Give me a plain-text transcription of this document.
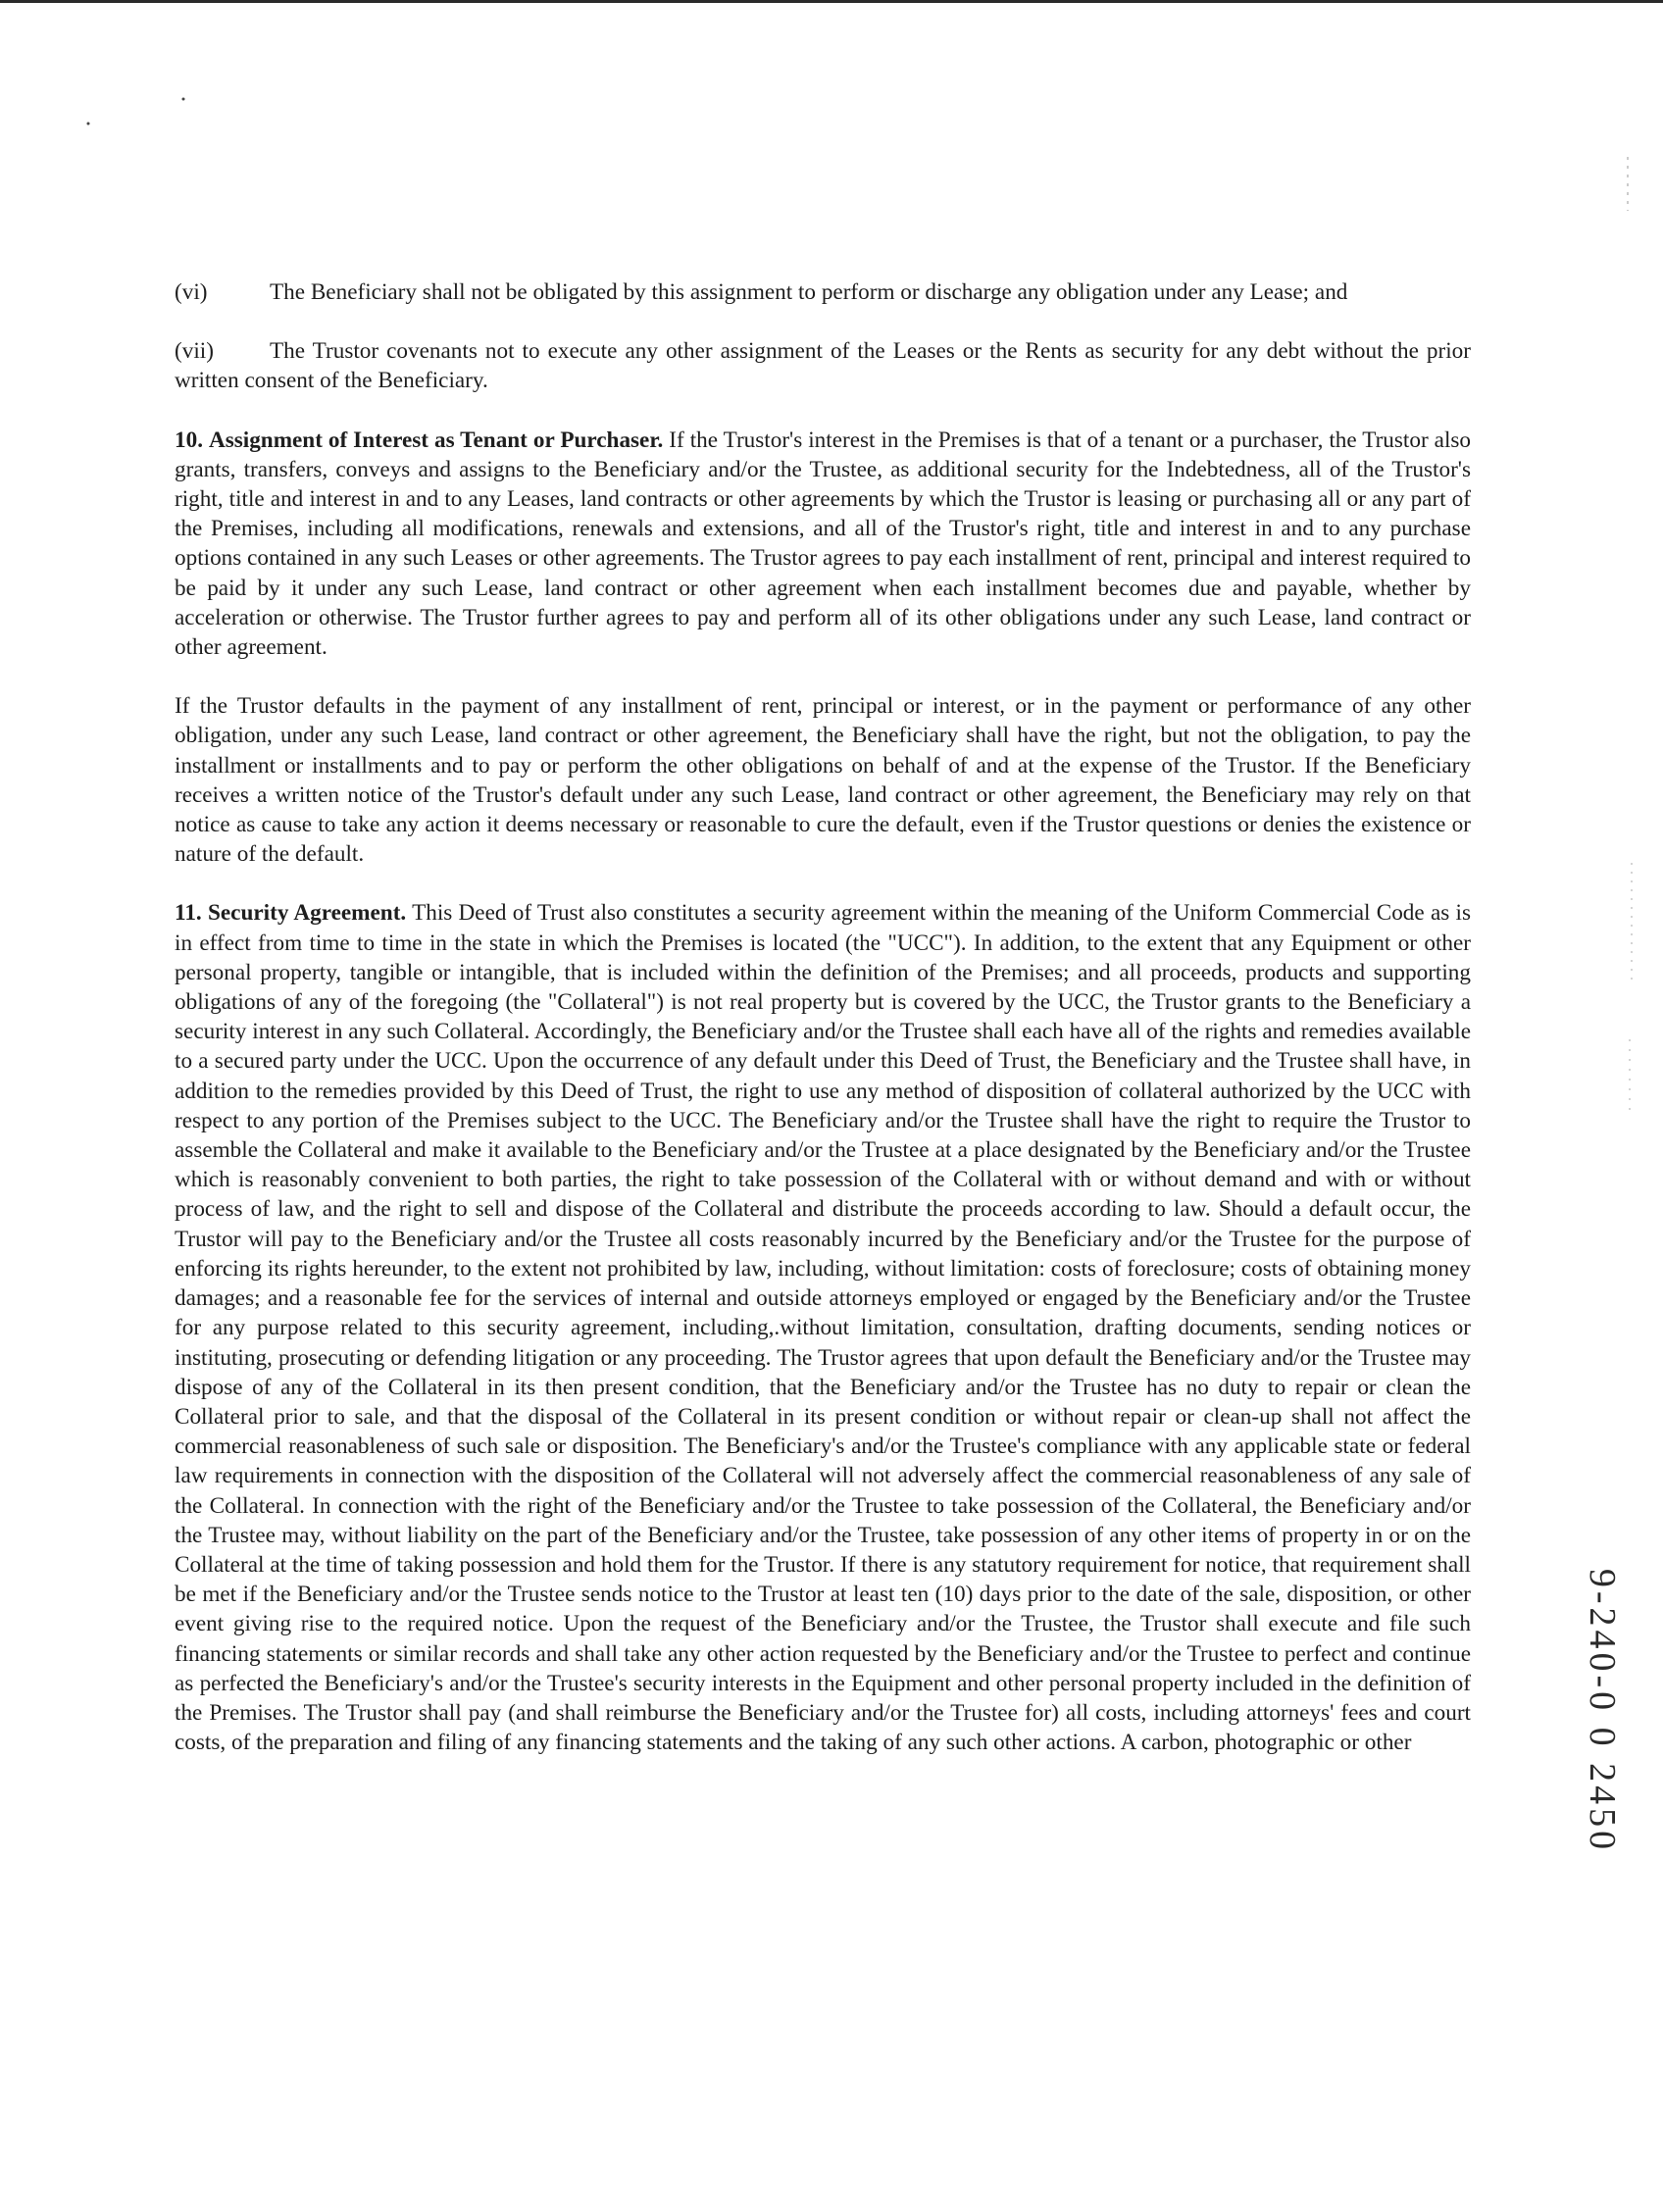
(vi)	The Beneficiary shall not be obligated by this assignment to perform or discharge any obligation under any Lease; and
(vii) The Trustor covenants not to execute any other assignment of the Leases or the Rents as security for any debt without the prior written consent of the Beneficiary.
10. Assignment of Interest as Tenant or Purchaser. If the Trustor's interest in the Premises is that of a tenant or a purchaser, the Trustor also grants, transfers, conveys and assigns to the Beneficiary and/or the Trustee, as additional security for the Indebtedness, all of the Trustor's right, title and interest in and to any Leases, land contracts or other agreements by which the Trustor is leasing or purchasing all or any part of the Premises, including all modifications, renewals and extensions, and all of the Trustor's right, title and interest in and to any purchase options contained in any such Leases or other agreements. The Trustor agrees to pay each installment of rent, principal and interest required to be paid by it under any such Lease, land contract or other agreement when each installment becomes due and payable, whether by acceleration or otherwise. The Trustor further agrees to pay and perform all of its other obligations under any such Lease, land contract or other agreement.
If the Trustor defaults in the payment of any installment of rent, principal or interest, or in the payment or performance of any other obligation, under any such Lease, land contract or other agreement, the Beneficiary shall have the right, but not the obligation, to pay the installment or installments and to pay or perform the other obligations on behalf of and at the expense of the Trustor. If the Beneficiary receives a written notice of the Trustor's default under any such Lease, land contract or other agreement, the Beneficiary may rely on that notice as cause to take any action it deems necessary or reasonable to cure the default, even if the Trustor questions or denies the existence or nature of the default.
11. Security Agreement. This Deed of Trust also constitutes a security agreement within the meaning of the Uniform Commercial Code as is in effect from time to time in the state in which the Premises is located (the "UCC"). In addition, to the extent that any Equipment or other personal property, tangible or intangible, that is included within the definition of the Premises; and all proceeds, products and supporting obligations of any of the foregoing (the "Collateral") is not real property but is covered by the UCC, the Trustor grants to the Beneficiary a security interest in any such Collateral. Accordingly, the Beneficiary and/or the Trustee shall each have all of the rights and remedies available to a secured party under the UCC. Upon the occurrence of any default under this Deed of Trust, the Beneficiary and the Trustee shall have, in addition to the remedies provided by this Deed of Trust, the right to use any method of disposition of collateral authorized by the UCC with respect to any portion of the Premises subject to the UCC. The Beneficiary and/or the Trustee shall have the right to require the Trustor to assemble the Collateral and make it available to the Beneficiary and/or the Trustee at a place designated by the Beneficiary and/or the Trustee which is reasonably convenient to both parties, the right to take possession of the Collateral with or without demand and with or without process of law, and the right to sell and dispose of the Collateral and distribute the proceeds according to law. Should a default occur, the Trustor will pay to the Beneficiary and/or the Trustee all costs reasonably incurred by the Beneficiary and/or the Trustee for the purpose of enforcing its rights hereunder, to the extent not prohibited by law, including, without limitation: costs of foreclosure; costs of obtaining money damages; and a reasonable fee for the services of internal and outside attorneys employed or engaged by the Beneficiary and/or the Trustee for any purpose related to this security agreement, including,.without limitation, consultation, drafting documents, sending notices or instituting, prosecuting or defending litigation or any proceeding. The Trustor agrees that upon default the Beneficiary and/or the Trustee may dispose of any of the Collateral in its then present condition, that the Beneficiary and/or the Trustee has no duty to repair or clean the Collateral prior to sale, and that the disposal of the Collateral in its present condition or without repair or clean-up shall not affect the commercial reasonableness of such sale or disposition. The Beneficiary's and/or the Trustee's compliance with any applicable state or federal law requirements in connection with the disposition of the Collateral will not adversely affect the commercial reasonableness of any sale of the Collateral. In connection with the right of the Beneficiary and/or the Trustee to take possession of the Collateral, the Beneficiary and/or the Trustee may, without liability on the part of the Beneficiary and/or the Trustee, take possession of any other items of property in or on the Collateral at the time of taking possession and hold them for the Trustor. If there is any statutory requirement for notice, that requirement shall be met if the Beneficiary and/or the Trustee sends notice to the Trustor at least ten (10) days prior to the date of the sale, disposition, or other event giving rise to the required notice. Upon the request of the Beneficiary and/or the Trustee, the Trustor shall execute and file such financing statements or similar records and shall take any other action requested by the Beneficiary and/or the Trustee to perfect and continue as perfected the Beneficiary's and/or the Trustee's security interests in the Equipment and other personal property included in the definition of the Premises. The Trustor shall pay (and shall reimburse the Beneficiary and/or the Trustee for) all costs, including attorneys' fees and court costs, of the preparation and filing of any financing statements and the taking of any such other actions. A carbon, photographic or other	9-240-0 0 2450
